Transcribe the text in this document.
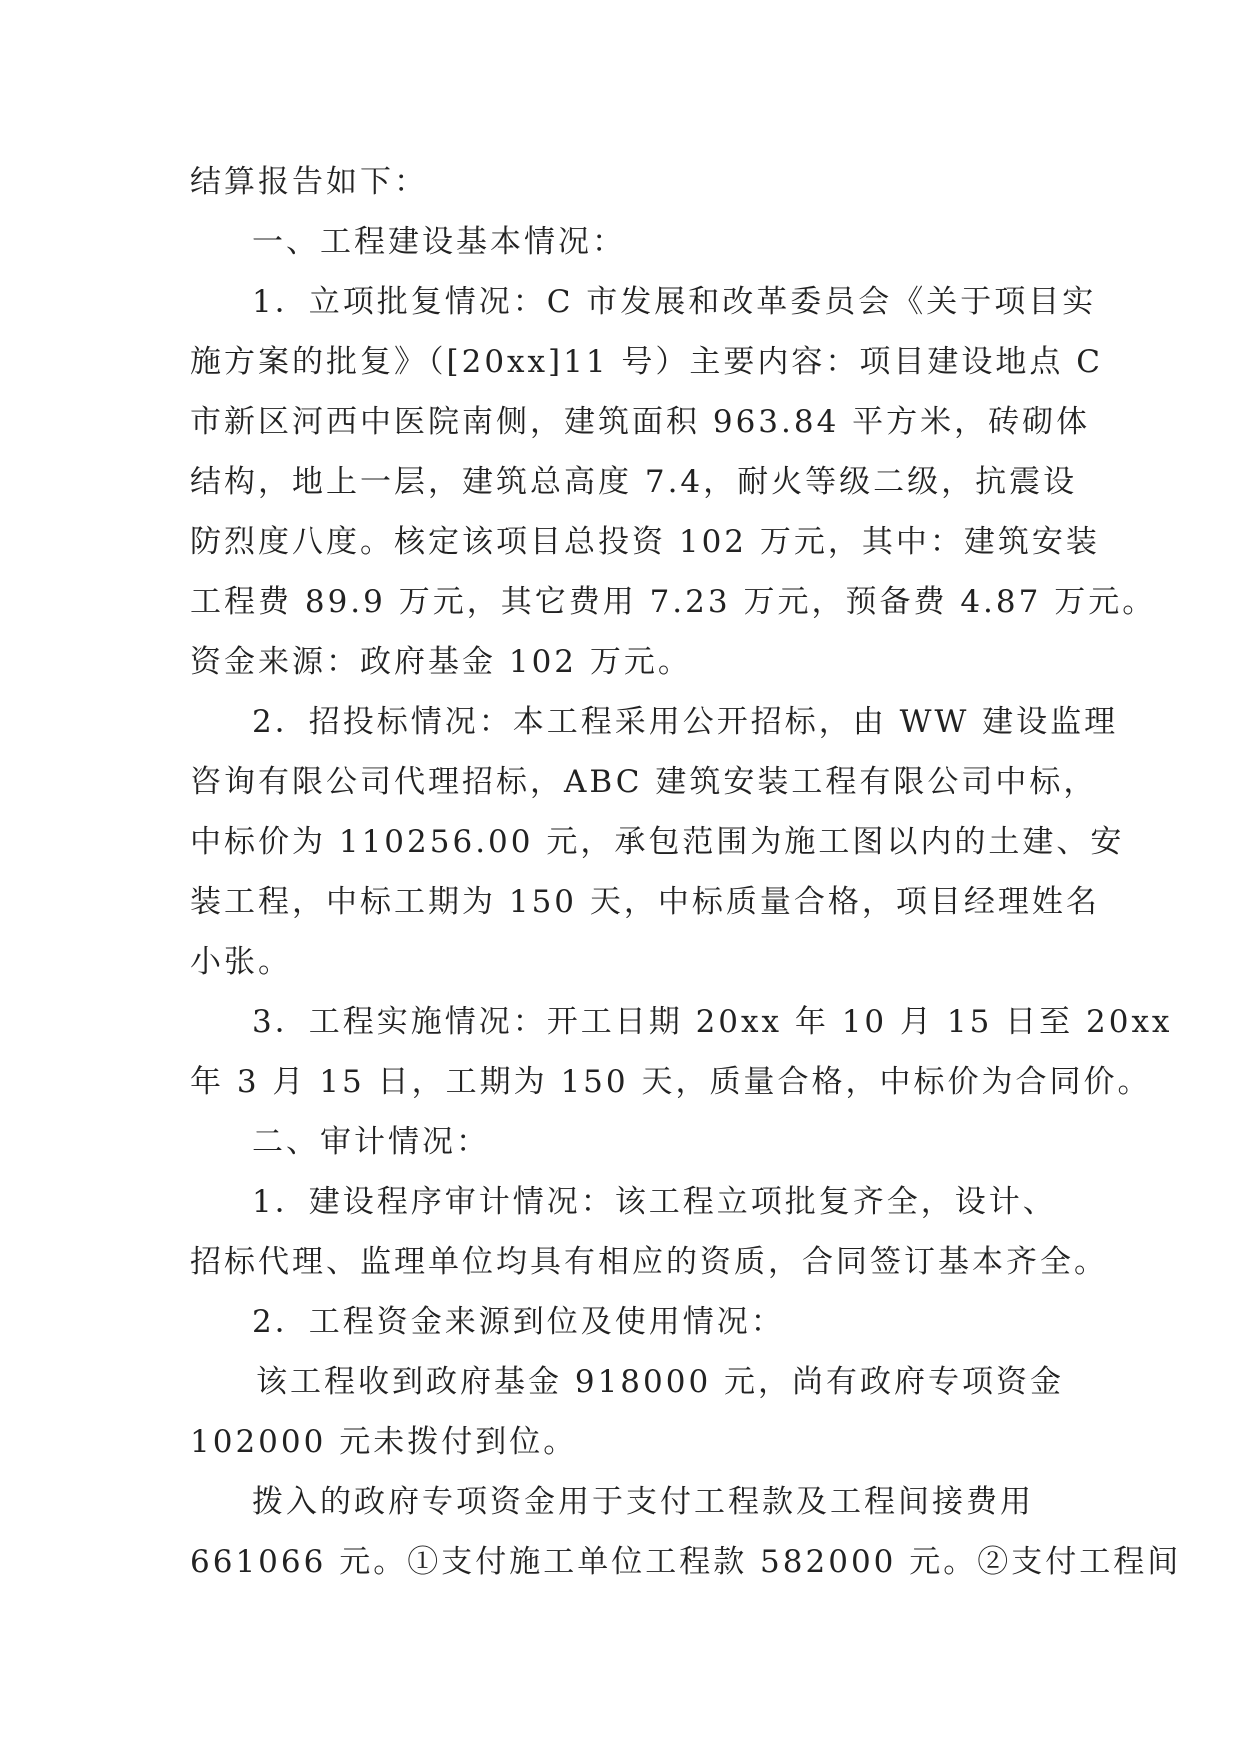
结算报告如下：
一、工程建设基本情况：
1．立项批复情况：C 市发展和改革委员会《关于项目实
施方案的批复》（[20xx]11 号）主要内容：项目建设地点 C
市新区河西中医院南侧，建筑面积 963.84 平方米，砖砌体
结构，地上一层，建筑总高度 7.4，耐火等级二级，抗震设
防烈度八度。核定该项目总投资 102 万元，其中：建筑安装
工程费 89.9 万元，其它费用 7.23 万元，预备费 4.87 万元。
资金来源：政府基金 102 万元。
2．招投标情况：本工程采用公开招标，由 WW 建设监理
咨询有限公司代理招标，ABC 建筑安装工程有限公司中标，
中标价为 110256.00 元，承包范围为施工图以内的土建、安
装工程，中标工期为 150 天，中标质量合格，项目经理姓名
小张。
3．工程实施情况：开工日期 20xx 年 10 月 15 日至 20xx
年 3 月 15 日，工期为 150 天，质量合格，中标价为合同价。
二、审计情况：
1．建设程序审计情况：该工程立项批复齐全，设计、
招标代理、监理单位均具有相应的资质，合同签订基本齐全。
2．工程资金来源到位及使用情况：
该工程收到政府基金 918000 元，尚有政府专项资金
102000 元未拨付到位。
拨入的政府专项资金用于支付工程款及工程间接费用
661066 元。①支付施工单位工程款 582000 元。②支付工程间
